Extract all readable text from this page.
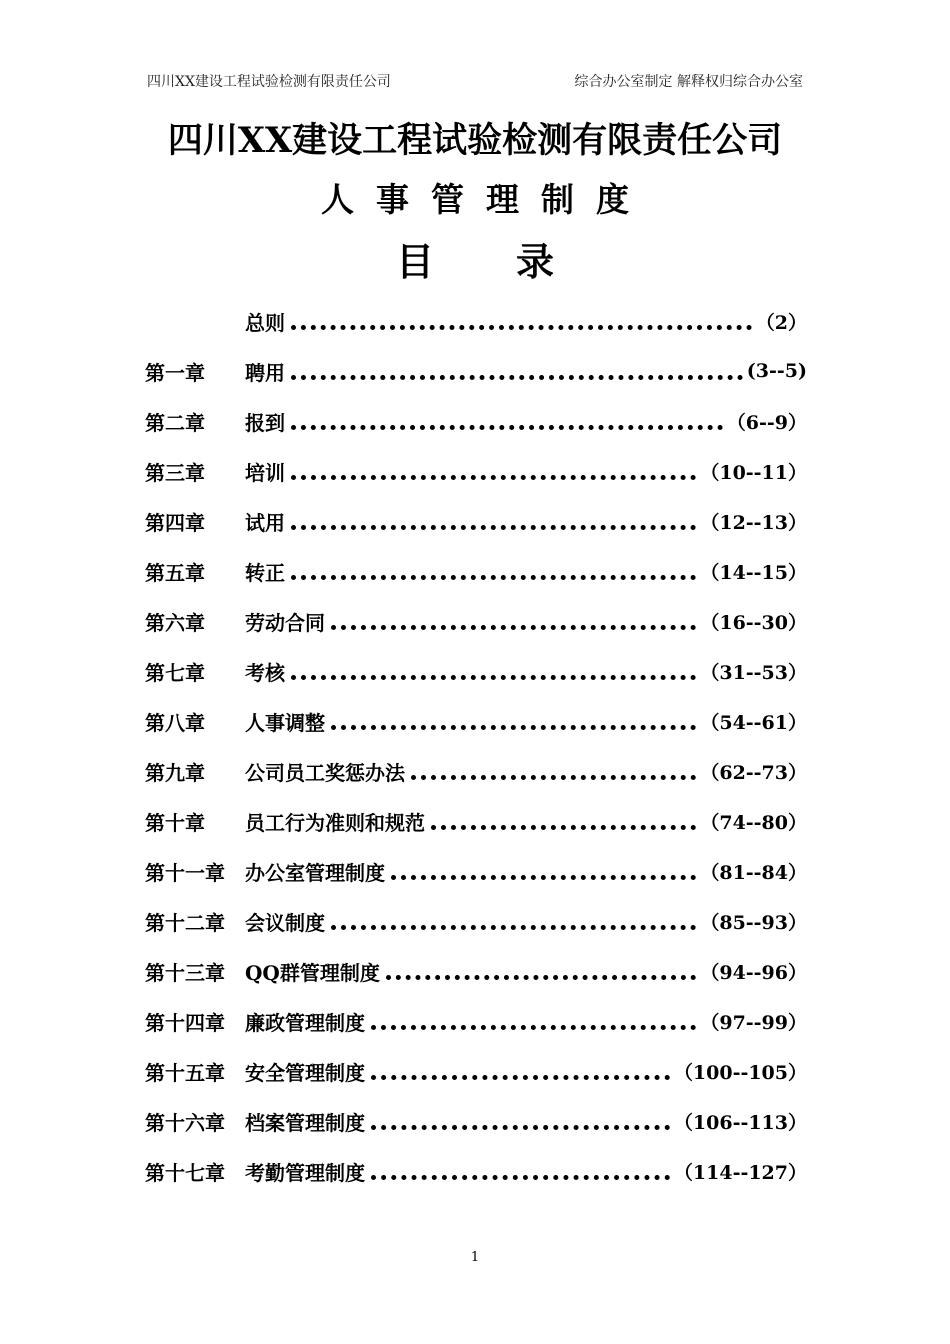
四川XX建设工程试验检测有限责任公司	综合办公室制定 解释权归综合办公室
四川XX建设工程试验检测有限责任公司
人事管理制度
目录
总则	（2）
第一章	聘用	(3--5)
第二章	报到	（6--9）
第三章	培训	（10--11）
第四章	试用	（12--13）
第五章	转正	（14--15）
第六章	劳动合同	（16--30）
第七章	考核	（31--53）
第八章	人事调整	（54--61）
第九章	公司员工奖惩办法	（62--73）
第十章	员工行为准则和规范	（74--80）
第十一章	办公室管理制度	（81--84）
第十二章	会议制度	（85--93）
第十三章	QQ群管理制度	（94--96）
第十四章	廉政管理制度	（97--99）
第十五章	安全管理制度	（100--105）
第十六章	档案管理制度	（106--113）
第十七章	考勤管理制度	（114--127）
1
